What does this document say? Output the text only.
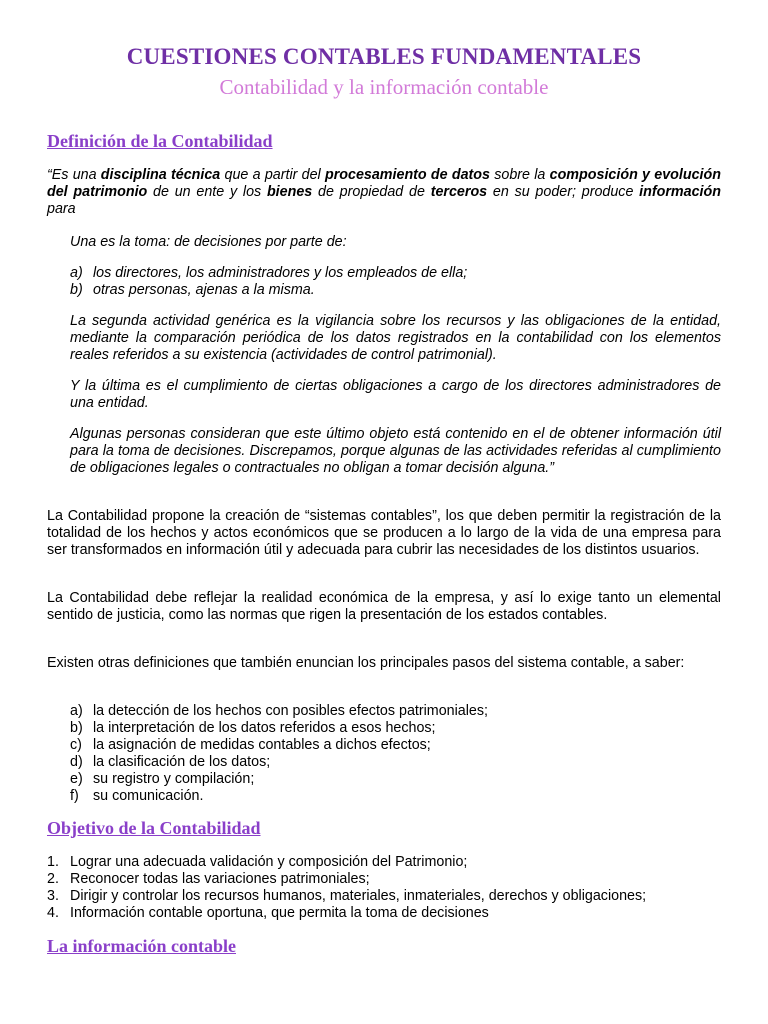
CUESTIONES CONTABLES FUNDAMENTALES
Contabilidad y la información contable
Definición de la Contabilidad

“Es una disciplina técnica que a partir del procesamiento de datos sobre la composición y evolución del patrimonio de un ente y los bienes de propiedad de terceros en su poder; produce información para

Una es la toma: de decisiones por parte de:

a) los directores, los administradores y los empleados de ella;
b) otras personas, ajenas a la misma.

La segunda actividad genérica es la vigilancia sobre los recursos y las obligaciones de la entidad, mediante la comparación periódica de los datos registrados en la contabilidad con los elementos reales referidos a su existencia (actividades de control patrimonial).

Y la última es el cumplimiento de ciertas obligaciones a cargo de los directores administradores de una entidad.

Algunas personas consideran que este último objeto está contenido en el de obtener información útil para la toma de decisiones. Discrepamos, porque algunas de las actividades referidas al cumplimiento de obligaciones legales o contractuales no obligan a tomar decisión alguna.”

La Contabilidad propone la creación de “sistemas contables”, los que deben permitir la registración de la totalidad de los hechos y actos económicos que se producen a lo largo de la vida de una empresa para ser transformados en información útil y adecuada para cubrir las necesidades de los distintos usuarios.

La Contabilidad debe reflejar la realidad económica de la empresa, y así lo exige tanto un elemental sentido de justicia, como las normas que rigen la presentación de los estados contables.

Existen otras definiciones que también enuncian los principales pasos del sistema contable, a saber:

a) la detección de los hechos con posibles efectos patrimoniales;
b) la interpretación de los datos referidos a esos hechos;
c) la asignación de medidas contables a dichos efectos;
d) la clasificación de los datos;
e) su registro y compilación;
f) su comunicación.
Objetivo de la Contabilidad
1. Lograr una adecuada validación y composición del Patrimonio;
2. Reconocer todas las variaciones patrimoniales;
3. Dirigir y controlar los recursos humanos, materiales, inmateriales, derechos y obligaciones;
4. Información contable oportuna, que permita la toma de decisiones
La información contable
